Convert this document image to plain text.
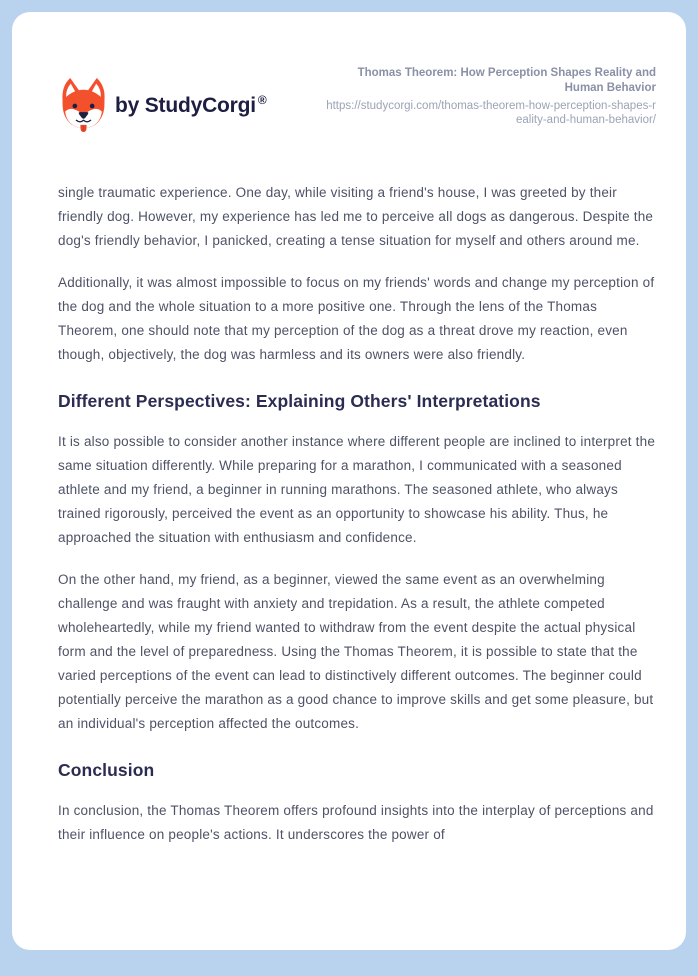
by StudyCorgi ®
Thomas Theorem: How Perception Shapes Reality and Human Behavior
https://studycorgi.com/thomas-theorem-how-perception-shapes-reality-and-human-behavior/

single traumatic experience. One day, while visiting a friend's house, I was greeted by their friendly dog. However, my experience has led me to perceive all dogs as dangerous. Despite the dog's friendly behavior, I panicked, creating a tense situation for myself and others around me.

Additionally, it was almost impossible to focus on my friends' words and change my perception of the dog and the whole situation to a more positive one. Through the lens of the Thomas Theorem, one should note that my perception of the dog as a threat drove my reaction, even though, objectively, the dog was harmless and its owners were also friendly.

Different Perspectives: Explaining Others' Interpretations

It is also possible to consider another instance where different people are inclined to interpret the same situation differently. While preparing for a marathon, I communicated with a seasoned athlete and my friend, a beginner in running marathons. The seasoned athlete, who always trained rigorously, perceived the event as an opportunity to showcase his ability. Thus, he approached the situation with enthusiasm and confidence.

On the other hand, my friend, as a beginner, viewed the same event as an overwhelming challenge and was fraught with anxiety and trepidation. As a result, the athlete competed wholeheartedly, while my friend wanted to withdraw from the event despite the actual physical form and the level of preparedness. Using the Thomas Theorem, it is possible to state that the varied perceptions of the event can lead to distinctively different outcomes. The beginner could potentially perceive the marathon as a good chance to improve skills and get some pleasure, but an individual's perception affected the outcomes.

Conclusion

In conclusion, the Thomas Theorem offers profound insights into the interplay of perceptions and their influence on people's actions. It underscores the power of
